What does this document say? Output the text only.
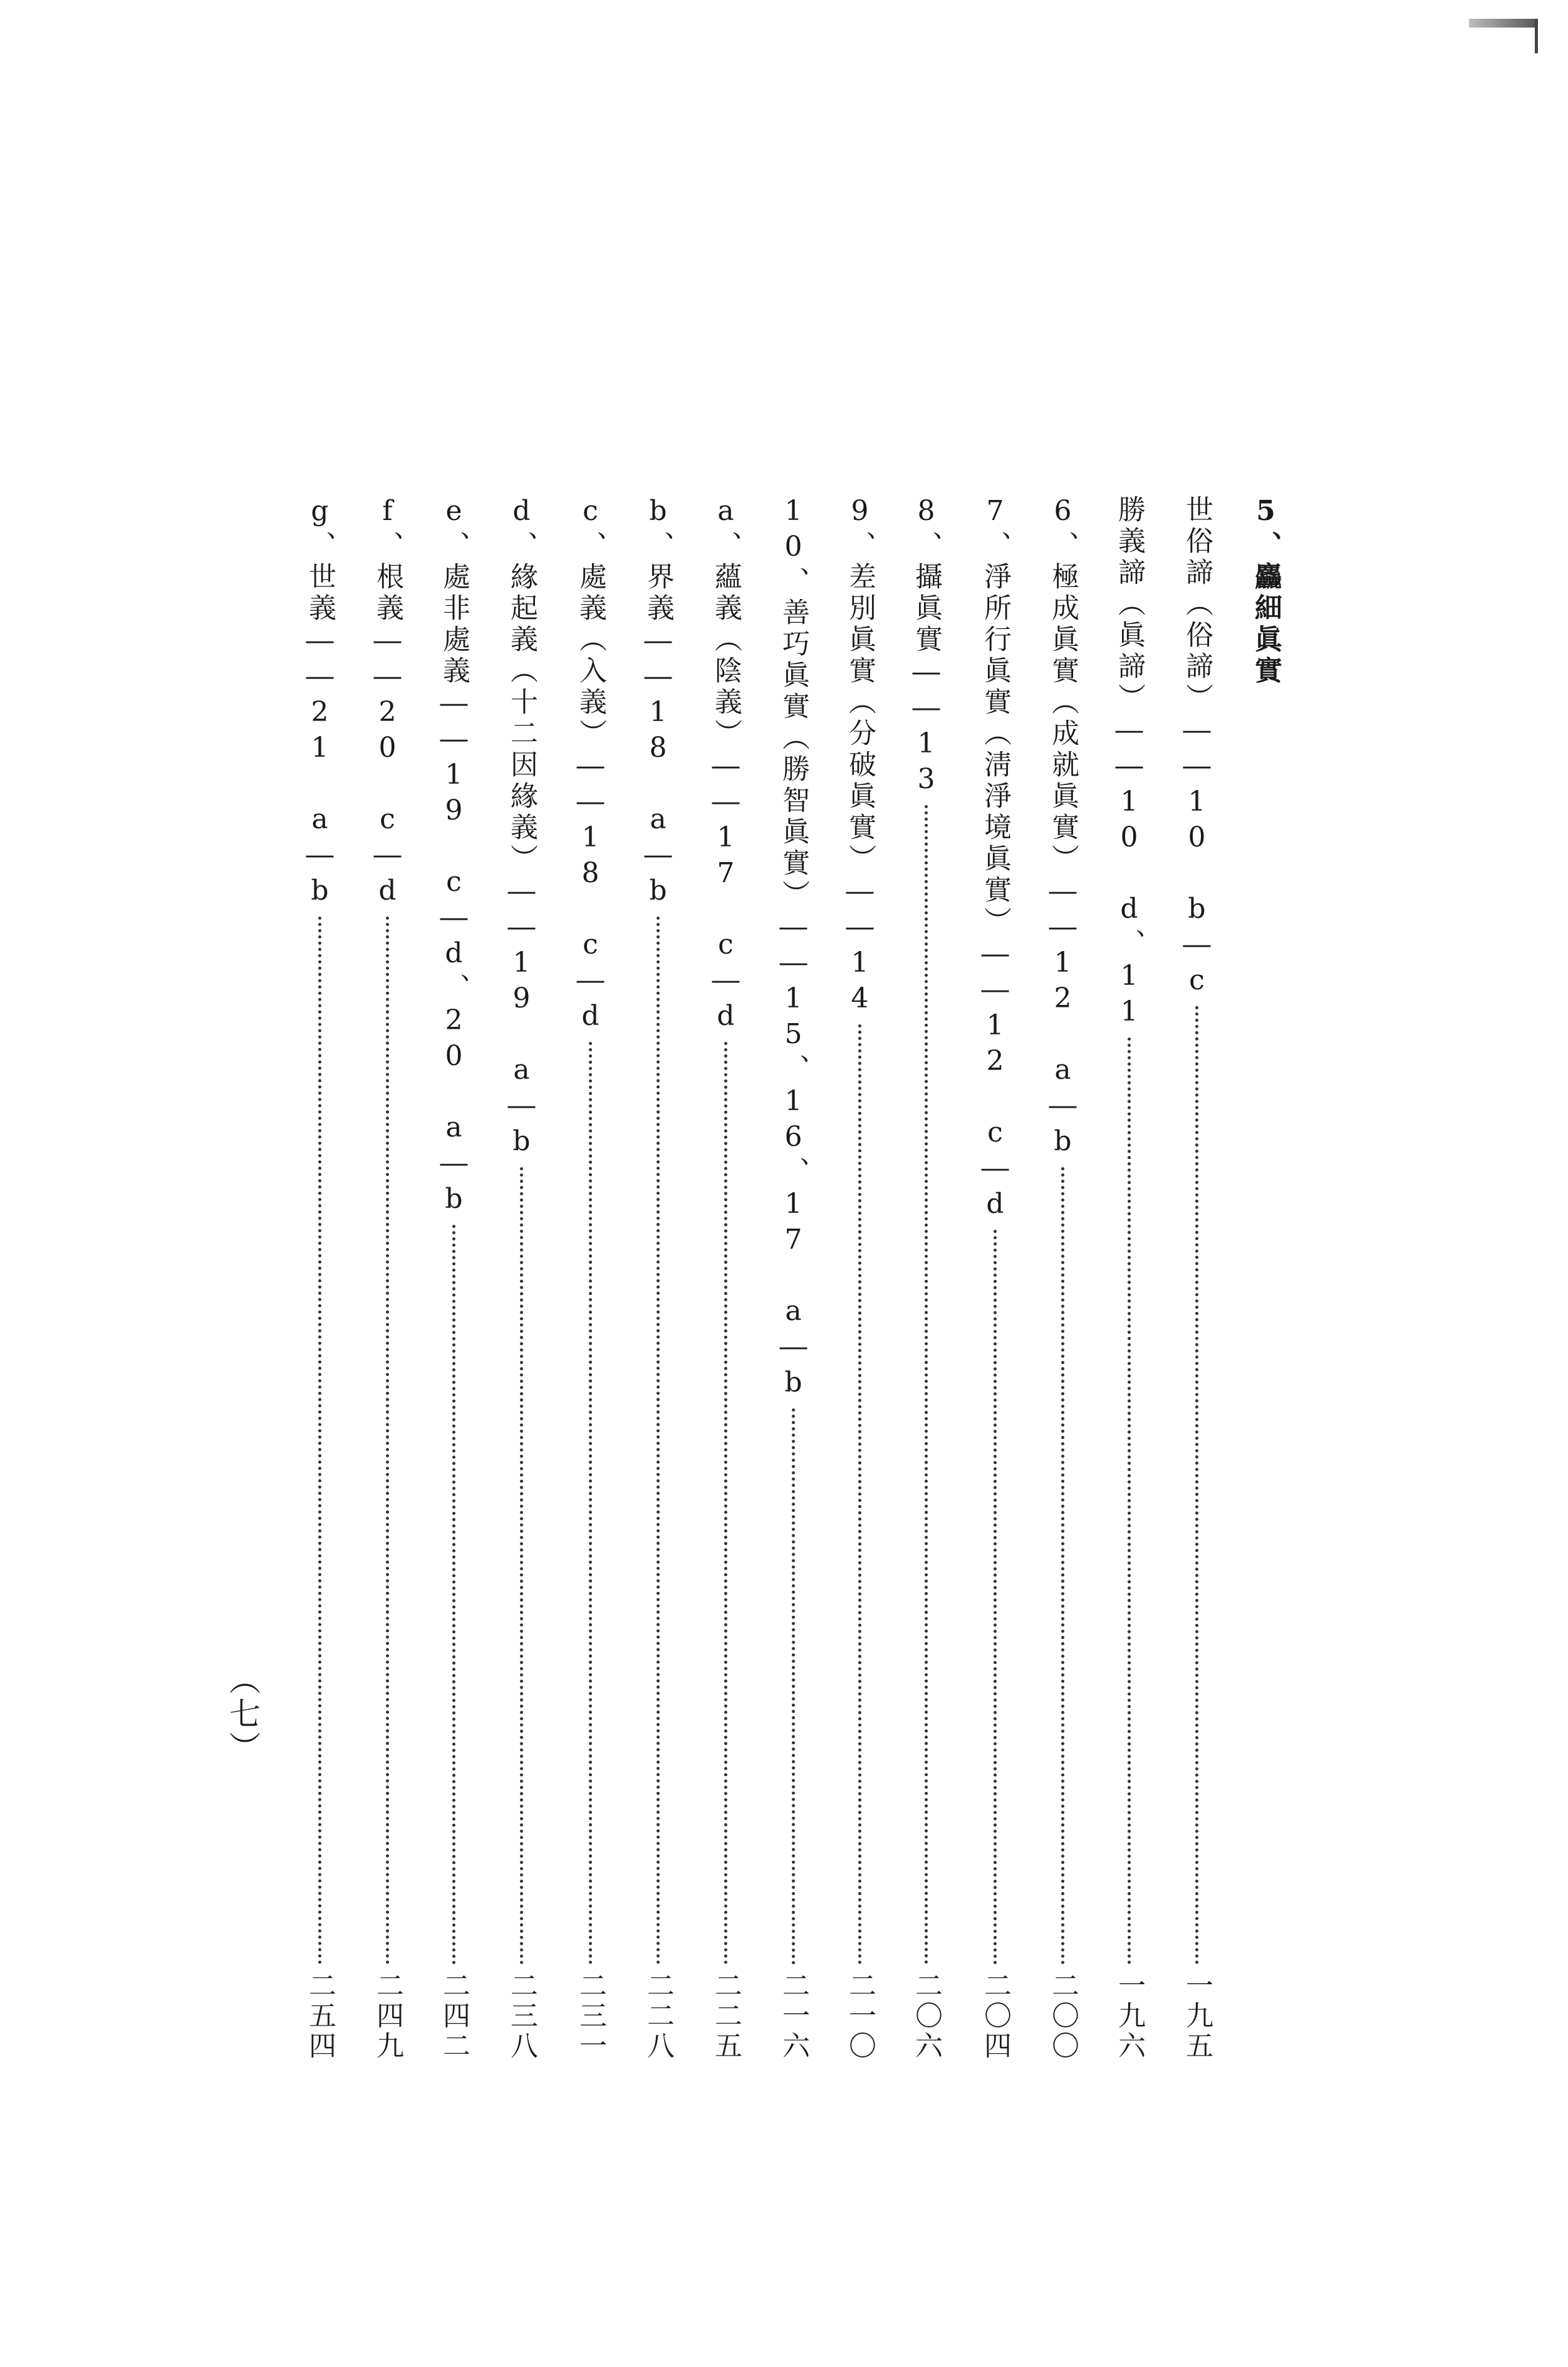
5、麤細眞實
世俗諦（俗諦）――10 b―c
一九五
勝義諦（眞諦）――10 d、11
一九六
6、極成眞實（成就眞實）――12 a―b
二〇〇
7、淨所行眞實（淸淨境眞實）――12 c―d
二〇四
8、攝眞實――13
二〇六
9、差別眞實（分破眞實）――14
二一〇
10、善巧眞實（勝智眞實）――15、16、17 a―b
二一六
a、蘊義（陰義）――17 c―d
二二五
b、界義――18 a―b
二二八
c、處義（入義）――18 c―d
二三一
d、緣起義（十二因緣義）――19 a―b
二三八
e、處非處義――19 c―d、20 a―b
二四二
f、根義――20 c―d
二四九
g、世義――21 a―b
二五四
（七）
